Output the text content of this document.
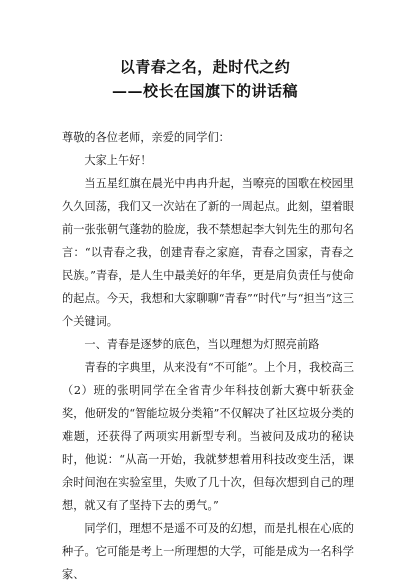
以青春之名，赴时代之约
——校长在国旗下的讲话稿

尊敬的各位老师，亲爱的同学们：

大家上午好！

当五星红旗在晨光中冉冉升起，当嘹亮的国歌在校园里久久回荡，我们又一次站在了新的一周起点。此刻，望着眼前一张张朝气蓬勃的脸庞，我不禁想起李大钊先生的那句名言：“以青春之我，创建青春之家庭，青春之国家，青春之民族。”青春，是人生中最美好的年华，更是肩负责任与使命的起点。今天，我想和大家聊聊“青春”“时代”与“担当”这三个关键词。

一、青春是逐梦的底色，当以理想为灯照亮前路

青春的字典里，从来没有“不可能”。上个月，我校高三（2）班的张明同学在全省青少年科技创新大赛中斩获金奖，他研发的“智能垃圾分类箱”不仅解决了社区垃圾分类的难题，还获得了两项实用新型专利。当被问及成功的秘诀时，他说：“从高一开始，我就梦想着用科技改变生活，课余时间泡在实验室里，失败了几十次，但每次想到自己的理想，就又有了坚持下去的勇气。”

同学们，理想不是遥不可及的幻想，而是扎根在心底的种子。它可能是考上一所理想的大学，可能是成为一名科学家、
